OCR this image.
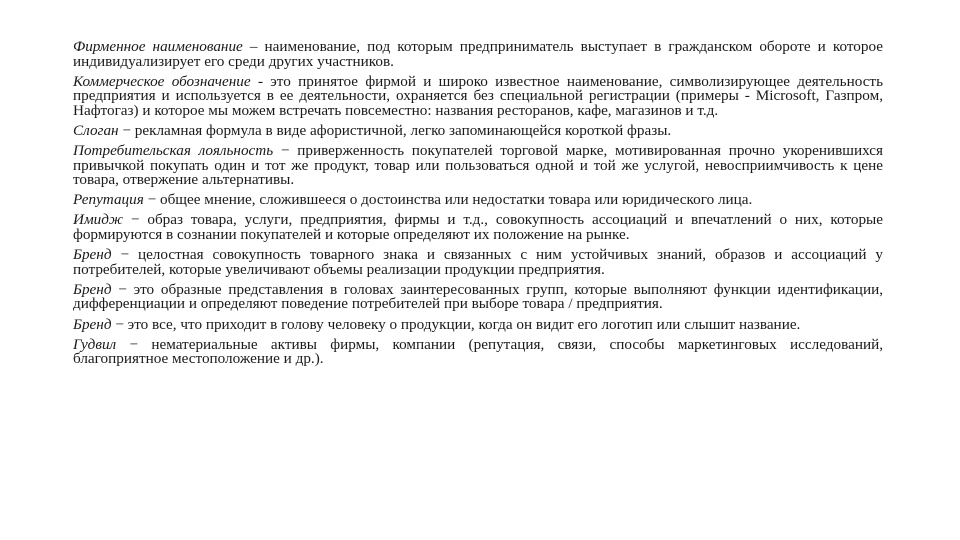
Фирменное наименование – наименование, под которым предприниматель выступает в гражданском обороте и которое индивидуализирует его среди других участников.

Коммерческое обозначение - это принятое фирмой и широко известное наименование, символизирующее деятельность предприятия и используется в ее деятельности, охраняется без специальной регистрации (примеры - Microsoft, Газпром, Нафтогаз) и которое мы можем встречать повсеместно: названия ресторанов, кафе, магазинов и т.д.

Слоган − рекламная формула в виде афористичной, легко запоминающейся короткой фразы.

Потребительская лояльность − приверженность покупателей торговой марке, мотивированная прочно укоренившихся привычкой покупать один и тот же продукт, товар или пользоваться одной и той же услугой, невосприимчивость к цене товара, отвержение альтернативы.

Репутация − общее мнение, сложившееся о достоинства или недостатки товара или юридического лица.

Имидж − образ товара, услуги, предприятия, фирмы и т.д., совокупность ассоциаций и впечатлений о них, которые формируются в сознании покупателей и которые определяют их положение на рынке.

Бренд − целостная совокупность товарного знака и связанных с ним устойчивых знаний, образов и ассоциаций у потребителей, которые увеличивают объемы реализации продукции предприятия.

Бренд − это образные представления в головах заинтересованных групп, которые выполняют функции идентификации, дифференциации и определяют поведение потребителей при выборе товара / предприятия.

Бренд − это все, что приходит в голову человеку о продукции, когда он видит его логотип или слышит название.

Гудвил − нематериальные активы фирмы, компании (репутация, связи, способы маркетинговых исследований, благоприятное местоположение и др.).
